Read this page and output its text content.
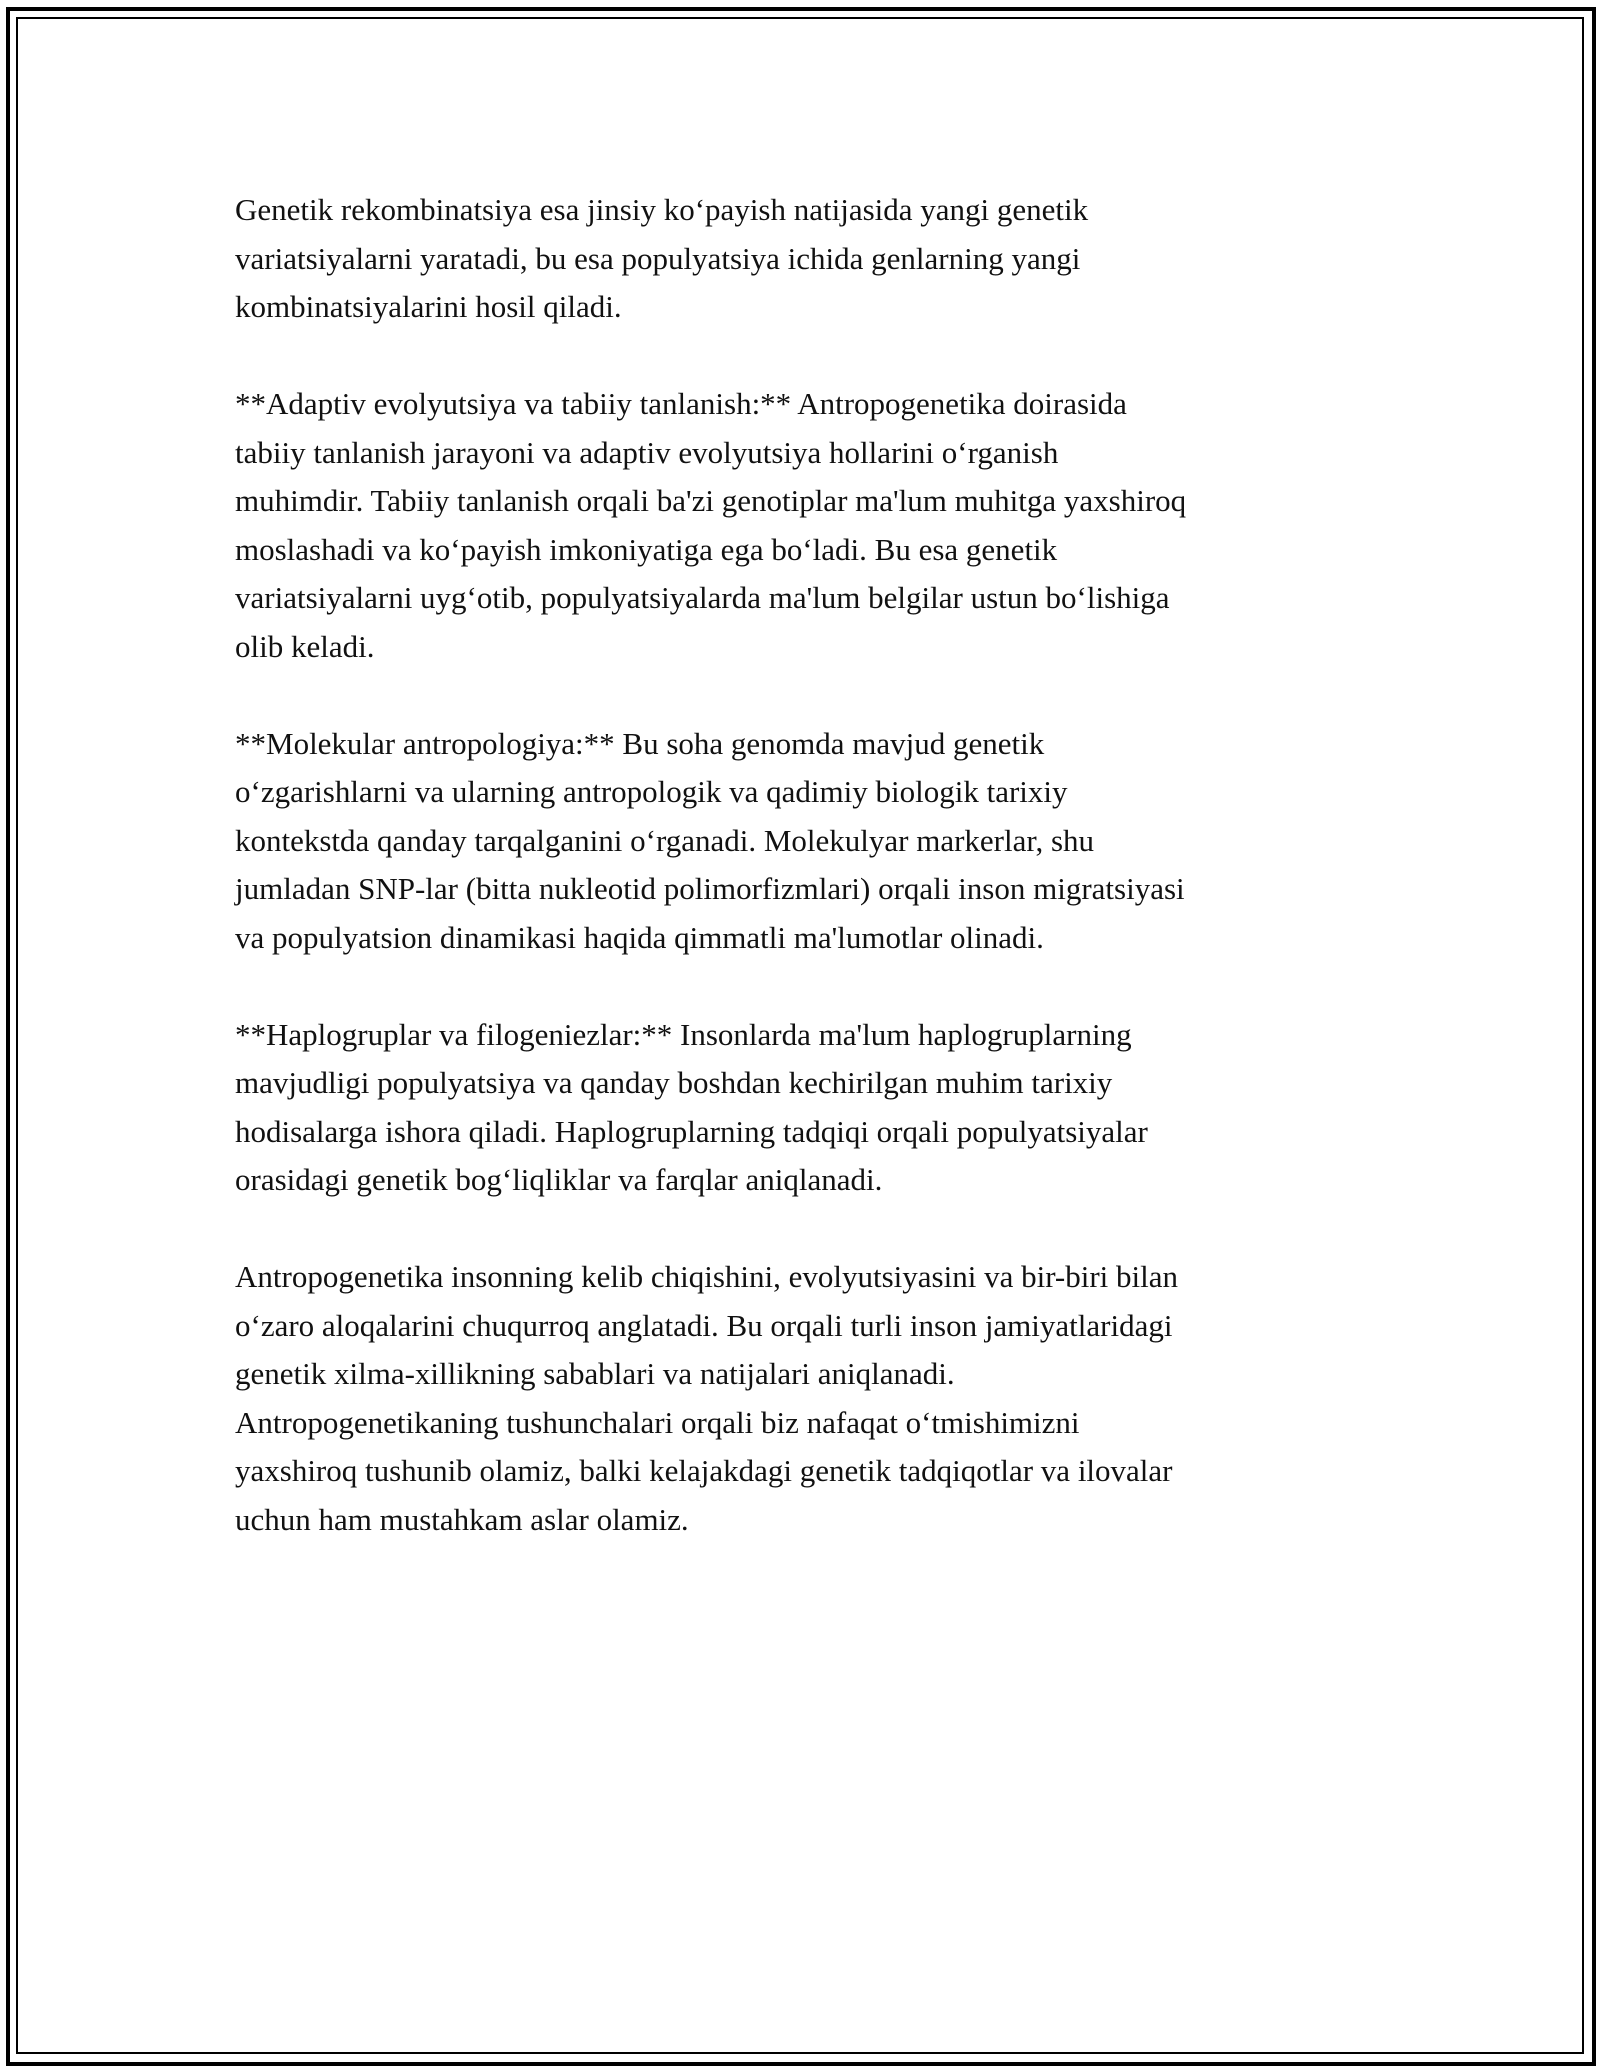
Genetik rekombinatsiya esa jinsiy ko‘payish natijasida yangi genetik
variatsiyalarni yaratadi, bu esa populyatsiya ichida genlarning yangi
kombinatsiyalarini hosil qiladi.

**Adaptiv evolyutsiya va tabiiy tanlanish:** Antropogenetika doirasida
tabiiy tanlanish jarayoni va adaptiv evolyutsiya hollarini o‘rganish
muhimdir. Tabiiy tanlanish orqali ba'zi genotiplar ma'lum muhitga yaxshiroq
moslashadi va ko‘payish imkoniyatiga ega bo‘ladi. Bu esa genetik
variatsiyalarni uyg‘otib, populyatsiyalarda ma'lum belgilar ustun bo‘lishiga
olib keladi.

**Molekular antropologiya:** Bu soha genomda mavjud genetik
o‘zgarishlarni va ularning antropologik va qadimiy biologik tarixiy
kontekstda qanday tarqalganini o‘rganadi. Molekulyar markerlar, shu
jumladan SNP-lar (bitta nukleotid polimorfizmlari) orqali inson migratsiyasi
va populyatsion dinamikasi haqida qimmatli ma'lumotlar olinadi.

**Haplogruplar va filogeniezlar:** Insonlarda ma'lum haplogruplarning
mavjudligi populyatsiya va qanday boshdan kechirilgan muhim tarixiy
hodisalarga ishora qiladi. Haplogruplarning tadqiqi orqali populyatsiyalar
orasidagi genetik bog‘liqliklar va farqlar aniqlanadi.

Antropogenetika insonning kelib chiqishini, evolyutsiyasini va bir-biri bilan
o‘zaro aloqalarini chuqurroq anglatadi. Bu orqali turli inson jamiyatlaridagi
genetik xilma-xillikning sabablari va natijalari aniqlanadi.
Antropogenetikaning tushunchalari orqali biz nafaqat o‘tmishimizni
yaxshiroq tushunib olamiz, balki kelajakdagi genetik tadqiqotlar va ilovalar
uchun ham mustahkam aslar olamiz.
